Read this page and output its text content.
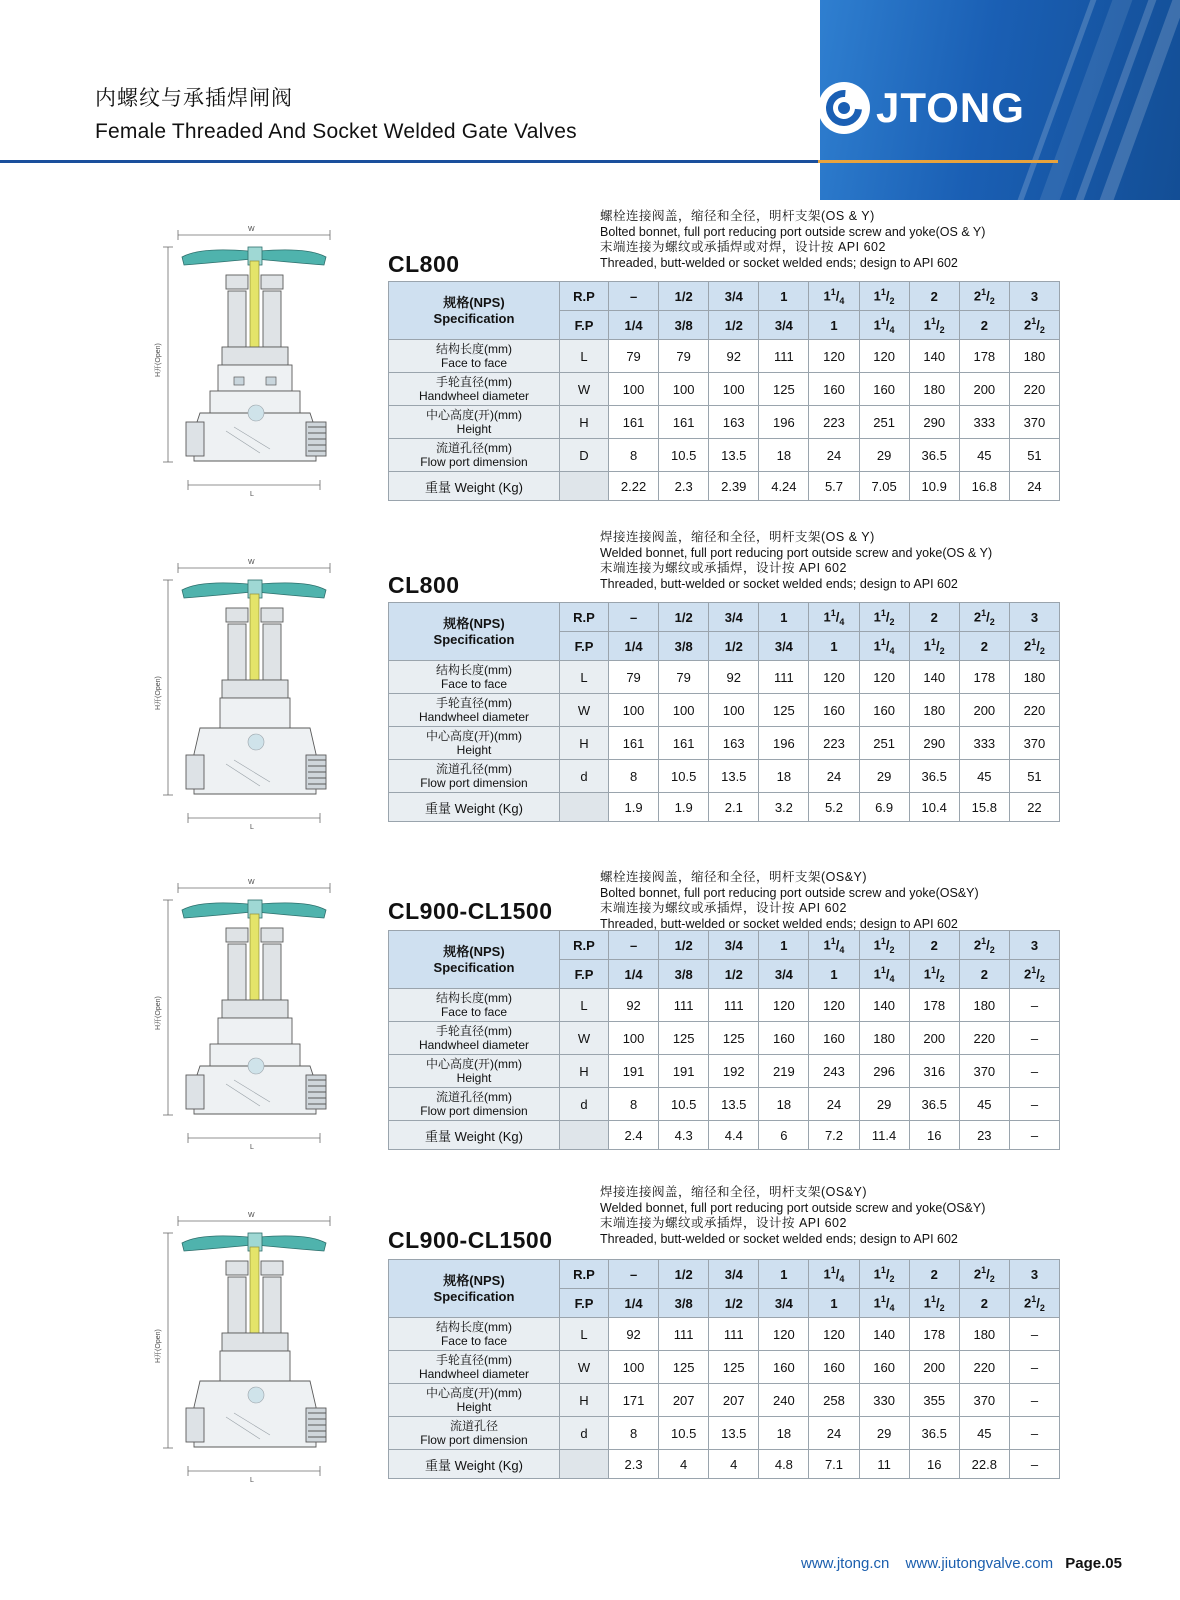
内螺纹与承插焊闸阀
Female Threaded And Socket Welded Gate Valves
JTONG
W
H开(Open)
L
螺栓连接阀盖，缩径和全径，明杆支架(OS & Y)
Bolted bonnet, full port reducing port outside screw and yoke(OS & Y)
末端连接为螺纹或承插焊或对焊，设计按 API 602
Threaded, butt-welded or socket welded ends; design to API 602
CL800
规格(NPS)
Specification	R.P	–	1/2	3/4	1	$1^1/_4$	$1^1/_2$	2	$2^1/_2$	3
	F.P	1/4	3/8	1/2	3/4	1	$1^1/_4$	$1^1/_2$	2	$2^1/_2$

结构长度(mm)
Face to face	L	79	79	92	111	120	120	140	178	180

手轮直径(mm)
Handwheel diameter	W	100	100	100	125	160	160	180	200	220

中心高度(开)(mm)
Height	H	161	161	163	196	223	251	290	333	370

流道孔径(mm)
Flow port dimension	D	8	10.5	13.5	18	24	29	36.5	45	51
重量 Weight (Kg)		2.22	2.3	2.39	4.24	5.7	7.05	10.9	16.8	24
W
H开(Open)
L
焊接连接阀盖，缩径和全径，明杆支架(OS & Y)
Welded bonnet, full port reducing port outside screw and yoke(OS & Y)
末端连接为螺纹或承插焊，设计按 API 602
Threaded, butt-welded or socket welded ends; design to API 602
CL800
规格(NPS)
Specification	R.P	–	1/2	3/4	1	$1^1/_4$	$1^1/_2$	2	$2^1/_2$	3
	F.P	1/4	3/8	1/2	3/4	1	$1^1/_4$	$1^1/_2$	2	$2^1/_2$

结构长度(mm)
Face to face	L	79	79	92	111	120	120	140	178	180

手轮直径(mm)
Handwheel diameter	W	100	100	100	125	160	160	180	200	220

中心高度(开)(mm)
Height	H	161	161	163	196	223	251	290	333	370

流道孔径(mm)
Flow port dimension	d	8	10.5	13.5	18	24	29	36.5	45	51
重量 Weight (Kg)		1.9	1.9	2.1	3.2	5.2	6.9	10.4	15.8	22
W
H开(Open)
L
螺栓连接阀盖，缩径和全径，明杆支架(OS&Y)
Bolted bonnet, full port reducing port outside screw and yoke(OS&Y)
末端连接为螺纹或承插焊，设计按 API 602
Threaded, butt-welded or socket welded ends; design to API 602
CL900-CL1500
规格(NPS)
Specification	R.P	–	1/2	3/4	1	$1^1/_4$	$1^1/_2$	2	$2^1/_2$	3
	F.P	1/4	3/8	1/2	3/4	1	$1^1/_4$	$1^1/_2$	2	$2^1/_2$

结构长度(mm)
Face to face	L	92	111	111	120	120	140	178	180	–

手轮直径(mm)
Handwheel diameter	W	100	125	125	160	160	180	200	220	–

中心高度(开)(mm)
Height	H	191	191	192	219	243	296	316	370	–

流道孔径(mm)
Flow port dimension	d	8	10.5	13.5	18	24	29	36.5	45	–
重量 Weight (Kg)		2.4	4.3	4.4	6	7.2	11.4	16	23	–
W
H开(Open)
L
焊接连接阀盖，缩径和全径，明杆支架(OS&Y)
Welded bonnet, full port reducing port outside screw and yoke(OS&Y)
末端连接为螺纹或承插焊，设计按 API 602
Threaded, butt-welded or socket welded ends; design to API 602
CL900-CL1500
规格(NPS)
Specification	R.P	–	1/2	3/4	1	$1^1/_4$	$1^1/_2$	2	$2^1/_2$	3
	F.P	1/4	3/8	1/2	3/4	1	$1^1/_4$	$1^1/_2$	2	$2^1/_2$

结构长度(mm)
Face to face	L	92	111	111	120	120	140	178	180	–

手轮直径(mm)
Handwheel diameter	W	100	125	125	160	160	160	200	220	–

中心高度(开)(mm)
Height	H	171	207	207	240	258	330	355	370	–

流道孔径
Flow port dimension	d	8	10.5	13.5	18	24	29	36.5	45	–
重量 Weight (Kg)		2.3	4	4	4.8	7.1	11	16	22.8	–
www.jtong.cn www.jiutongvalve.com Page.05
